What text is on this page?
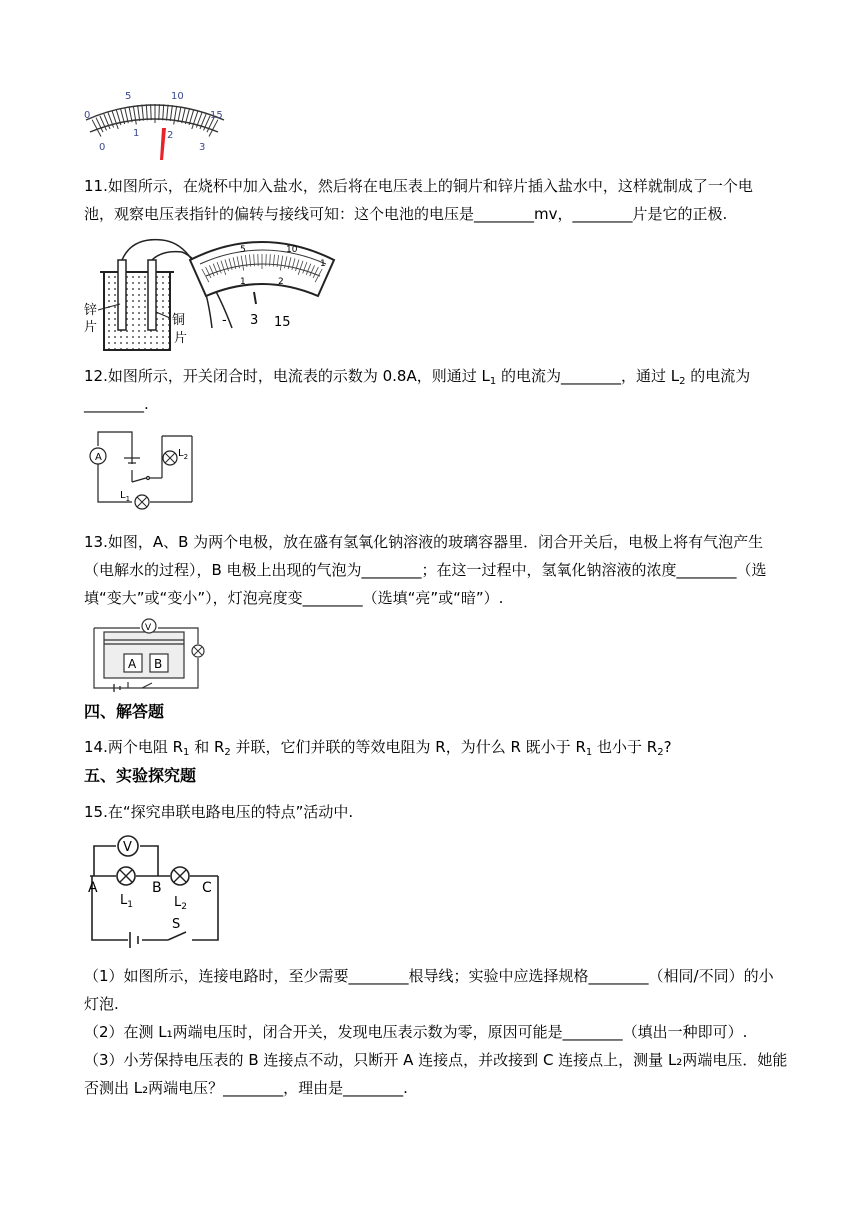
0
5	10
15
0
1	2
3
11.如图所示，在烧杯中加入盐水，然后将在电压表上的铜片和锌片插入盐水中，这样就制成了一个电
池，观察电压表指针的偏转与接线可知：这个电池的电压是________mv，________片是它的正极.
锌
片	铜
片
5	10
1
1	2
- 3 15
12.如图所示，开关闭合时，电流表的示数为 0.8A，则通过 $L_1$ 的电流为________，通过 $L_2$ 的电流为
________.
A
$L_1$
$L_2$
13.如图，A、B 为两个电极，放在盛有氢氧化钠溶液的玻璃容器里．闭合开关后，电极上将有气泡产生
（电解水的过程），B 电极上出现的气泡为________；在这一过程中，氢氧化钠溶液的浓度________（选
填“变大”或“变小”），灯泡亮度变________（选填“亮”或“暗”）.
V
A B
四、解答题
14.两个电阻 $R_1$ 和 $R_2$ 并联，它们并联的等效电阻为 R，为什么 R 既小于 $R_1$ 也小于 $R_2$?
五、实验探究题
15.在“探究串联电路电压的特点”活动中.
V
A	B	C
$L_1$	$L_2$
S
（1）如图所示，连接电路时，至少需要________根导线；实验中应选择规格________（相同/不同）的小
灯泡.
（2）在测 L₁两端电压时，闭合开关，发现电压表示数为零，原因可能是________（填出一种即可）.
（3）小芳保持电压表的 B 连接点不动，只断开 A 连接点，并改接到 C 连接点上，测量 L₂两端电压．她能
否测出 L₂两端电压？________，理由是________.
